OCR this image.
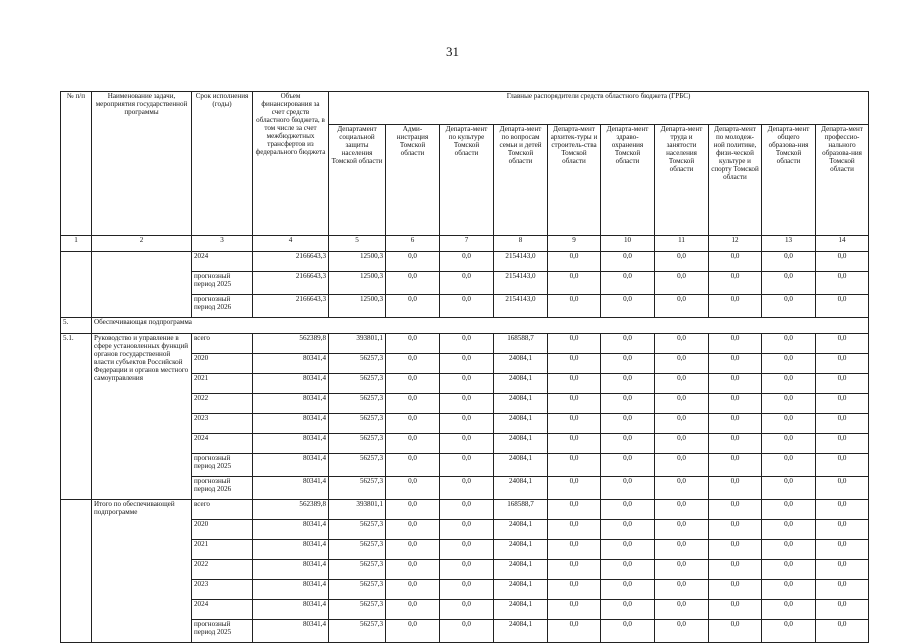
31
№ п/п	Наименование задачи, мероприятия государственной программы	Срок исполнения (годы)	Объем финансирования за счет средств областного бюджета, в том числе за счет межбюджетных трансфертов из федерального бюджета	Главные распорядители средств областного бюджета (ГРБС)									
				Департамент социальной защиты населения Томской области	Адми-нистрация Томской области	Департа-мент по культуре Томской области	Департа-мент по вопросам семьи и детей Томской области	Департа-мент архитек-туры и строитель-ства Томской области	Департа-мент здраво-охранения Томской области	Департа-мент труда и занятости населения Томской области	Департа-мент по молодеж-ной политике, физи-ческой культуре и спорту Томской области	Департа-мент общего образова-ния Томской области	Департа-мент профессио-нального образова-ния Томской области
1	2	3	4	5	6	7	8	9	10	11	12	13	14
		2024	2166643,3	12500,3	0,0	0,0	2154143,0	0,0	0,0	0,0	0,0	0,0	0,0
		прогнозный период 2025	2166643,3	12500,3	0,0	0,0	2154143,0	0,0	0,0	0,0	0,0	0,0	0,0
		прогнозный период 2026	2166643,3	12500,3	0,0	0,0	2154143,0	0,0	0,0	0,0	0,0	0,0	0,0
5.	Обеспечивающая подпрограмма												
5.1.	Руководство и управление в сфере установленных функций органов государственной власти субъектов Российской Федерации и органов местного самоуправления	всего	562389,8	393801,1	0,0	0,0	168588,7	0,0	0,0	0,0	0,0	0,0	0,0
		2020	80341,4	56257,3	0,0	0,0	24084,1	0,0	0,0	0,0	0,0	0,0	0,0
		2021	80341,4	56257,3	0,0	0,0	24084,1	0,0	0,0	0,0	0,0	0,0	0,0
		2022	80341,4	56257,3	0,0	0,0	24084,1	0,0	0,0	0,0	0,0	0,0	0,0
		2023	80341,4	56257,3	0,0	0,0	24084,1	0,0	0,0	0,0	0,0	0,0	0,0
		2024	80341,4	56257,3	0,0	0,0	24084,1	0,0	0,0	0,0	0,0	0,0	0,0
		прогнозный период 2025	80341,4	56257,3	0,0	0,0	24084,1	0,0	0,0	0,0	0,0	0,0	0,0
		прогнозный период 2026	80341,4	56257,3	0,0	0,0	24084,1	0,0	0,0	0,0	0,0	0,0	0,0
	Итого по обеспечивающей подпрограмме	всего	562389,8	393801,1	0,0	0,0	168588,7	0,0	0,0	0,0	0,0	0,0	0,0
		2020	80341,4	56257,3	0,0	0,0	24084,1	0,0	0,0	0,0	0,0	0,0	0,0
		2021	80341,4	56257,3	0,0	0,0	24084,1	0,0	0,0	0,0	0,0	0,0	0,0
		2022	80341,4	56257,3	0,0	0,0	24084,1	0,0	0,0	0,0	0,0	0,0	0,0
		2023	80341,4	56257,3	0,0	0,0	24084,1	0,0	0,0	0,0	0,0	0,0	0,0
		2024	80341,4	56257,3	0,0	0,0	24084,1	0,0	0,0	0,0	0,0	0,0	0,0
		прогнозный период 2025	80341,4	56257,3	0,0	0,0	24084,1	0,0	0,0	0,0	0,0	0,0	0,0
